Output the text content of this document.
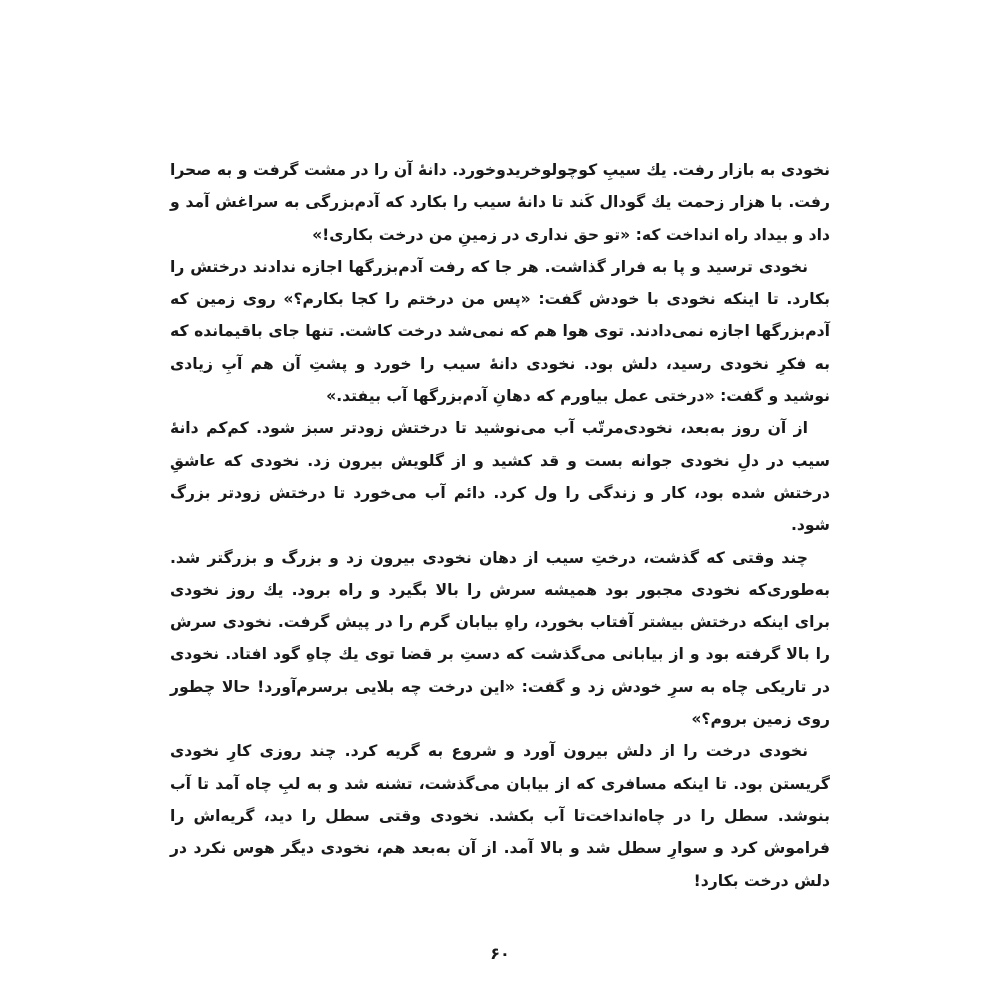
نخودی به بازار رفت. یك سیبِ كوچولوخریدوخورد. دانهٔ آن را در مشت گرفت و به صحرا رفت. با هزار زحمت یك گودال كَند تا دانهٔ سیب را بكارد كه آدم‌بزرگی به سراغش آمد و داد و بیداد راه انداخت كه: «تو حق نداری در زمینِ من درخت بكاری!»

نخودی ترسید و پا به فرار گذاشت. هر جا كه رفت آدم‌بزرگها اجازه ندادند درختش را بكارد. تا اینكه نخودی با خودش گفت: «پس من درختم را كجا بكارم؟» روی زمین كه آدم‌بزرگها اجازه نمی‌دادند. توی هوا هم كه نمی‌شد درخت كاشت. تنها جای باقیمانده كه به فكرِ نخودی رسید، دلش بود. نخودی دانهٔ سیب را خورد و پشتِ آن هم آبِ زیادی نوشید و گفت: «درختی عمل بیاورم كه دهانِ آدم‌بزرگها آب بیفتد.»

از آن روز به‌بعد، نخودی‌مرتّب آب می‌نوشید تا درختش زودتر سبز شود. كم‌كم دانهٔ سیب در دلِ نخودی جوانه بست و قد كشید و از گلویش بیرون زد. نخودی كه عاشقِ درختش شده بود، كار و زندگی را ول كرد. دائم آب می‌خورد تا درختش زودتر بزرگ شود.

چند وقتی كه گذشت، درختِ سیب از دهان نخودی بیرون زد و بزرگ و بزرگتر شد. به‌طوری‌كه نخودی مجبور بود همیشه سرش را بالا بگیرد و راه برود. یك روز نخودی برای اینكه درختش بیشتر آفتاب بخورد، راهِ بیابان گرم را در پیش گرفت. نخودی سرش را بالا گرفته بود و از بیابانی می‌گذشت كه دستِ بر قضا توی یك چاهِ گود افتاد. نخودی در تاریكی چاه به سرِ خودش زد و گفت: «این درخت چه بلایی برسرم‌آورد! حالا چطور روی زمین بروم؟»

نخودی درخت را از دلش بیرون آورد و شروع به گریه كرد. چند روزی كارِ نخودی گریستن بود. تا اینكه مسافری كه از بیابان می‌گذشت، تشنه شد و به لبِ چاه آمد تا آب بنوشد. سطل را در چاه‌انداخت‌تا آب بكشد. نخودی وقتی سطل را دید، گریه‌اش را فراموش كرد و سوارِ سطل شد و بالا آمد. از آن به‌بعد هم، نخودی دیگر هوس نكرد در دلش درخت بكارد!

۶۰
